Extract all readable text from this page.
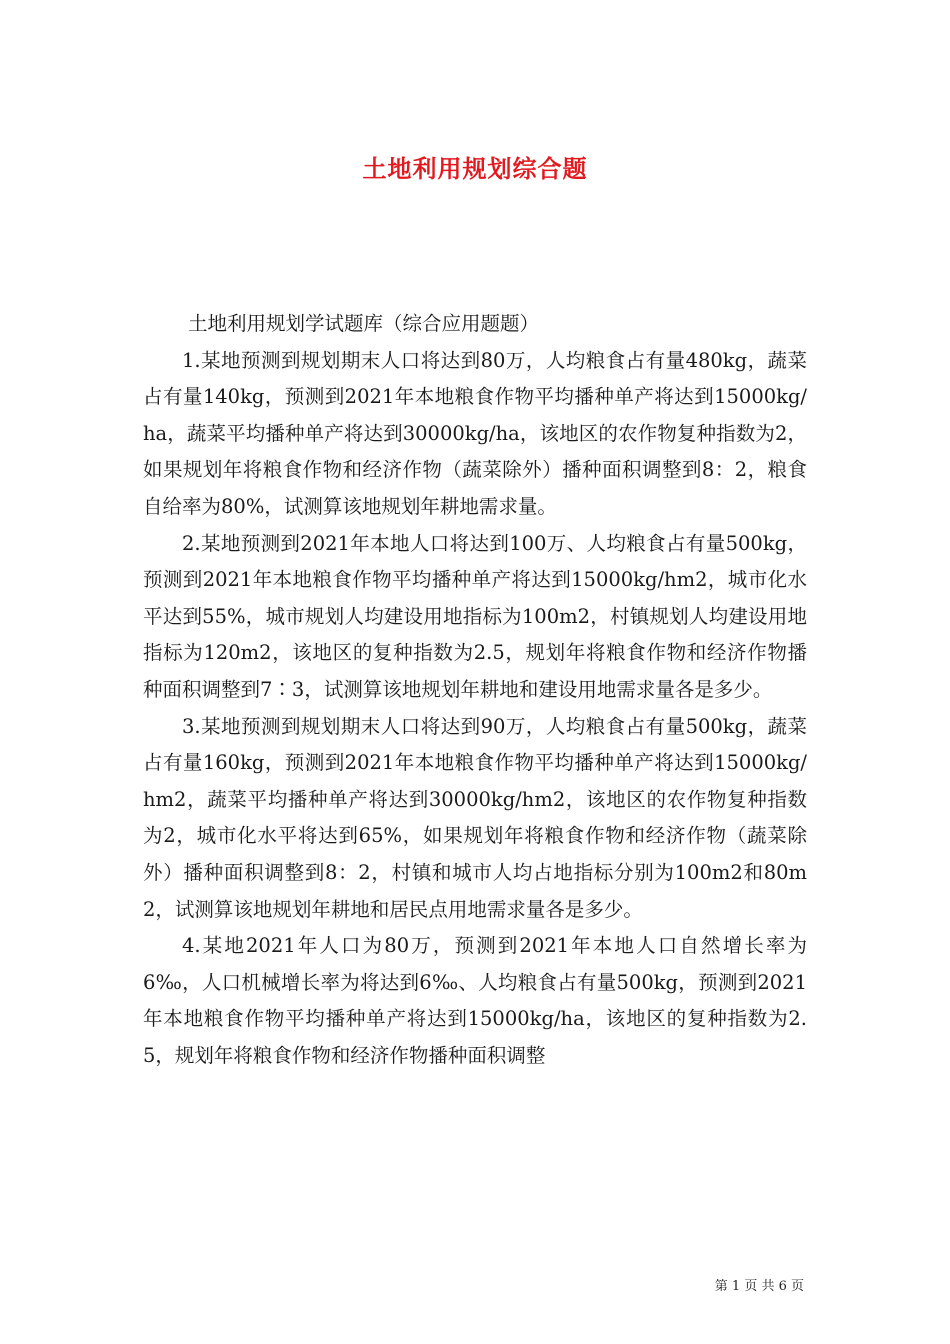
土地利用规划综合题

土地利用规划学试题库（综合应用题题）

1.某地预测到规划期末人口将达到80万，人均粮食占有量480kg，蔬菜占有量140kg，预测到2021年本地粮食作物平均播种单产将达到15000kg/ha，蔬菜平均播种单产将达到30000kg/ha，该地区的农作物复种指数为2，如果规划年将粮食作物和经济作物（蔬菜除外）播种面积调整到8：2，粮食自给率为80%，试测算该地规划年耕地需求量。

2.某地预测到2021年本地人口将达到100万、人均粮食占有量500kg，预测到2021年本地粮食作物平均播种单产将达到15000kg/hm2，城市化水平达到55%，城市规划人均建设用地指标为100m2，村镇规划人均建设用地指标为120m2，该地区的复种指数为2.5，规划年将粮食作物和经济作物播种面积调整到7∶3，试测算该地规划年耕地和建设用地需求量各是多少。

3.某地预测到规划期末人口将达到90万，人均粮食占有量500kg，蔬菜占有量160kg，预测到2021年本地粮食作物平均播种单产将达到15000kg/hm2，蔬菜平均播种单产将达到30000kg/hm2，该地区的农作物复种指数为2，城市化水平将达到65%，如果规划年将粮食作物和经济作物（蔬菜除外）播种面积调整到8：2，村镇和城市人均占地指标分别为100m2和80m2，试测算该地规划年耕地和居民点用地需求量各是多少。

4.某地2021年人口为80万，预测到2021年本地人口自然增长率为6‰，人口机械增长率为将达到6‰、人均粮食占有量500kg，预测到2021年本地粮食作物平均播种单产将达到15000kg/ha，该地区的复种指数为2.5，规划年将粮食作物和经济作物播种面积调整

第 1 页 共 6 页
